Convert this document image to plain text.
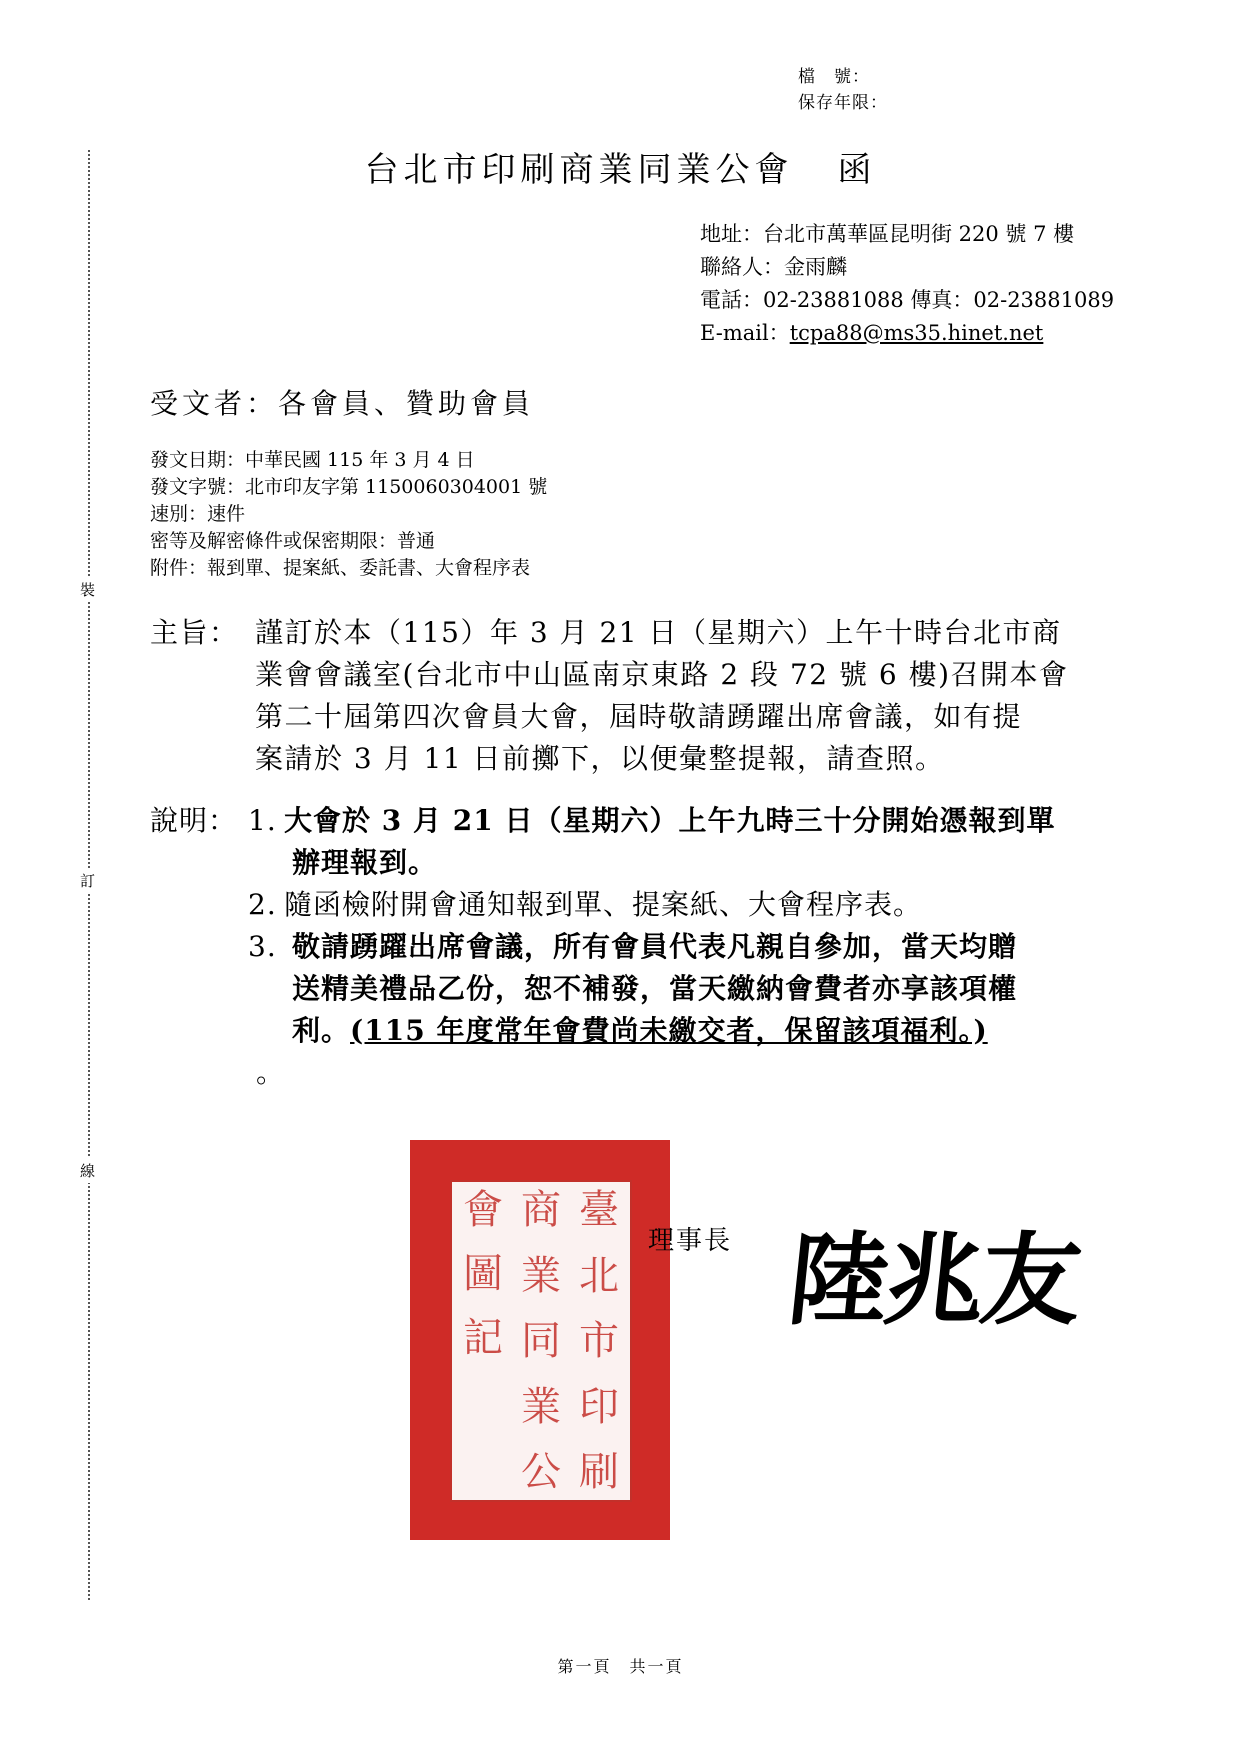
檔　號：
保存年限：
台北市印刷商業同業公會 函
地址：台北市萬華區昆明街 220 號 7 樓
聯絡人：金雨麟
電話：02-23881088 傳真：02-23881089
E-mail：tcpa88@ms35.hinet.net
受文者：各會員、贊助會員
發文日期：中華民國 115 年 3 月 4 日
發文字號：北市印友字第 1150060304001 號
速別：速件
密等及解密條件或保密期限：普通
附件：報到單、提案紙、委託書、大會程序表
裝
訂
線
主旨： 謹訂於本（115）年 3 月 21 日（星期六）上午十時台北市商
業會會議室(台北市中山區南京東路 2 段 72 號 6 樓)召開本會
第二十屆第四次會員大會，屆時敬請踴躍出席會議，如有提
案請於 3 月 11 日前擲下，以便彙整提報，請查照。
說明： 1. 大會於 3 月 21 日（星期六）上午九時三十分開始憑報到單
辦理報到。
2. 隨函檢附開會通知報到單、提案紙、大會程序表。
3. 敬請踴躍出席會議，所有會員代表凡親自參加，當天均贈
送精美禮品乙份，恕不補發，當天繳納會費者亦享該項權
利。(115 年度常年會費尚未繳交者，保留該項福利。)
。
臺
北
市
印
刷
商
業
同
業
公
會
圖
記
理事長 陸兆友
第一頁　共一頁
